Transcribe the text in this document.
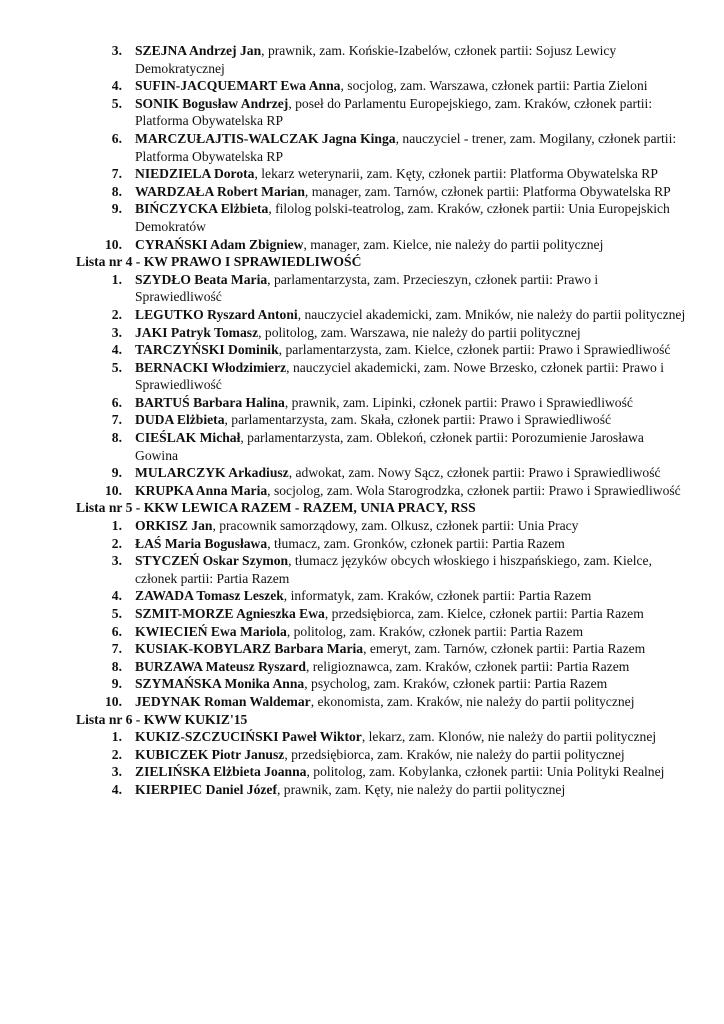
3. SZEJNA Andrzej Jan, prawnik, zam. Końskie-Izabelów, członek partii: Sojusz Lewicy Demokratycznej
4. SUFIN-JACQUEMART Ewa Anna, socjolog, zam. Warszawa, członek partii: Partia Zieloni
5. SONIK Bogusław Andrzej, poseł do Parlamentu Europejskiego, zam. Kraków, członek partii: Platforma Obywatelska RP
6. MARCZUŁAJTIS-WALCZAK Jagna Kinga, nauczyciel - trener, zam. Mogilany, członek partii: Platforma Obywatelska RP
7. NIEDZIELA Dorota, lekarz weterynarii, zam. Kęty, członek partii: Platforma Obywatelska RP
8. WARDZAŁA Robert Marian, manager, zam. Tarnów, członek partii: Platforma Obywatelska RP
9. BIŃCZYCKA Elżbieta, filolog polski-teatrolog, zam. Kraków, członek partii: Unia Europejskich Demokratów
10. CYRAŃSKI Adam Zbigniew, manager, zam. Kielce, nie należy do partii politycznej
Lista nr 4 - KW PRAWO I SPRAWIEDLIWOŚĆ
1. SZYDŁO Beata Maria, parlamentarzysta, zam. Przecieszyn, członek partii: Prawo i Sprawiedliwość
2. LEGUTKO Ryszard Antoni, nauczyciel akademicki, zam. Mników, nie należy do partii politycznej
3. JAKI Patryk Tomasz, politolog, zam. Warszawa, nie należy do partii politycznej
4. TARCZYŃSKI Dominik, parlamentarzysta, zam. Kielce, członek partii: Prawo i Sprawiedliwość
5. BERNACKI Włodzimierz, nauczyciel akademicki, zam. Nowe Brzesko, członek partii: Prawo i Sprawiedliwość
6. BARTUŚ Barbara Halina, prawnik, zam. Lipinki, członek partii: Prawo i Sprawiedliwość
7. DUDA Elżbieta, parlamentarzysta, zam. Skała, członek partii: Prawo i Sprawiedliwość
8. CIEŚLAK Michał, parlamentarzysta, zam. Oblekoń, członek partii: Porozumienie Jarosława Gowina
9. MULARCZYK Arkadiusz, adwokat, zam. Nowy Sącz, członek partii: Prawo i Sprawiedliwość
10. KRUPKA Anna Maria, socjolog, zam. Wola Starogrodzka, członek partii: Prawo i Sprawiedliwość
Lista nr 5 - KKW LEWICA RAZEM - RAZEM, UNIA PRACY, RSS
1. ORKISZ Jan, pracownik samorządowy, zam. Olkusz, członek partii: Unia Pracy
2. ŁAŚ Maria Bogusława, tłumacz, zam. Gronków, członek partii: Partia Razem
3. STYCZEŃ Oskar Szymon, tłumacz języków obcych włoskiego i hiszpańskiego, zam. Kielce, członek partii: Partia Razem
4. ZAWADA Tomasz Leszek, informatyk, zam. Kraków, członek partii: Partia Razem
5. SZMIT-MORZE Agnieszka Ewa, przedsiębiorca, zam. Kielce, członek partii: Partia Razem
6. KWIECIEŃ Ewa Mariola, politolog, zam. Kraków, członek partii: Partia Razem
7. KUSIAK-KOBYLARZ Barbara Maria, emeryt, zam. Tarnów, członek partii: Partia Razem
8. BURZAWA Mateusz Ryszard, religioznawca, zam. Kraków, członek partii: Partia Razem
9. SZYMAŃSKA Monika Anna, psycholog, zam. Kraków, członek partii: Partia Razem
10. JEDYNAK Roman Waldemar, ekonomista, zam. Kraków, nie należy do partii politycznej
Lista nr 6 - KWW KUKIZ'15
1. KUKIZ-SZCZUCIŃSKI Paweł Wiktor, lekarz, zam. Klonów, nie należy do partii politycznej
2. KUBICZEK Piotr Janusz, przedsiębiorca, zam. Kraków, nie należy do partii politycznej
3. ZIELIŃSKA Elżbieta Joanna, politolog, zam. Kobylanka, członek partii: Unia Polityki Realnej
4. KIERPIEC Daniel Józef, prawnik, zam. Kęty, nie należy do partii politycznej
